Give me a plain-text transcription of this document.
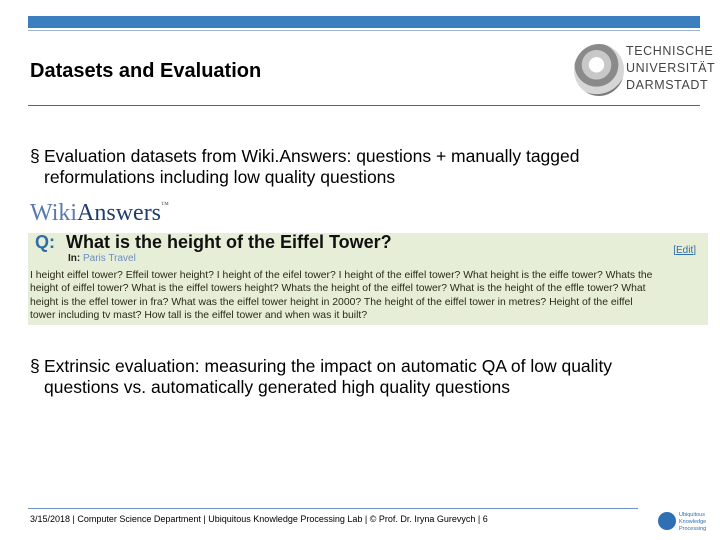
Datasets and Evaluation
TECHNISCHE
UNIVERSITÄT
DARMSTADT
§ Evaluation datasets from Wiki.Answers: questions + manually tagged reformulations including low quality questions
WikiAnswers™
Q: What is the height of the Eiffel Tower?
In: Paris Travel
[Edit]
I height eiffel tower? Effeil tower height? I height of the eifel tower? I height of the eiffel tower? What height is the eiffe tower? Whats the
height of eiffel tower? What is the eiffel towers height? Whats the height of the eiffel tower? What is the height of the effle tower? What
height is the effel tower in fra? What was the eiffel tower height in 2000? The height of the eiffel tower in metres? Height of the eiffel
tower including tv mast? How tall is the eiffel tower and when was it built?
§ Extrinsic evaluation: measuring the impact on automatic QA of low quality questions vs. automatically generated high quality questions
3/15/2018 | Computer Science Department | Ubiquitous Knowledge Processing Lab | © Prof. Dr. Iryna Gurevych | 6	Ubiquitous
Knowledge
Processing
